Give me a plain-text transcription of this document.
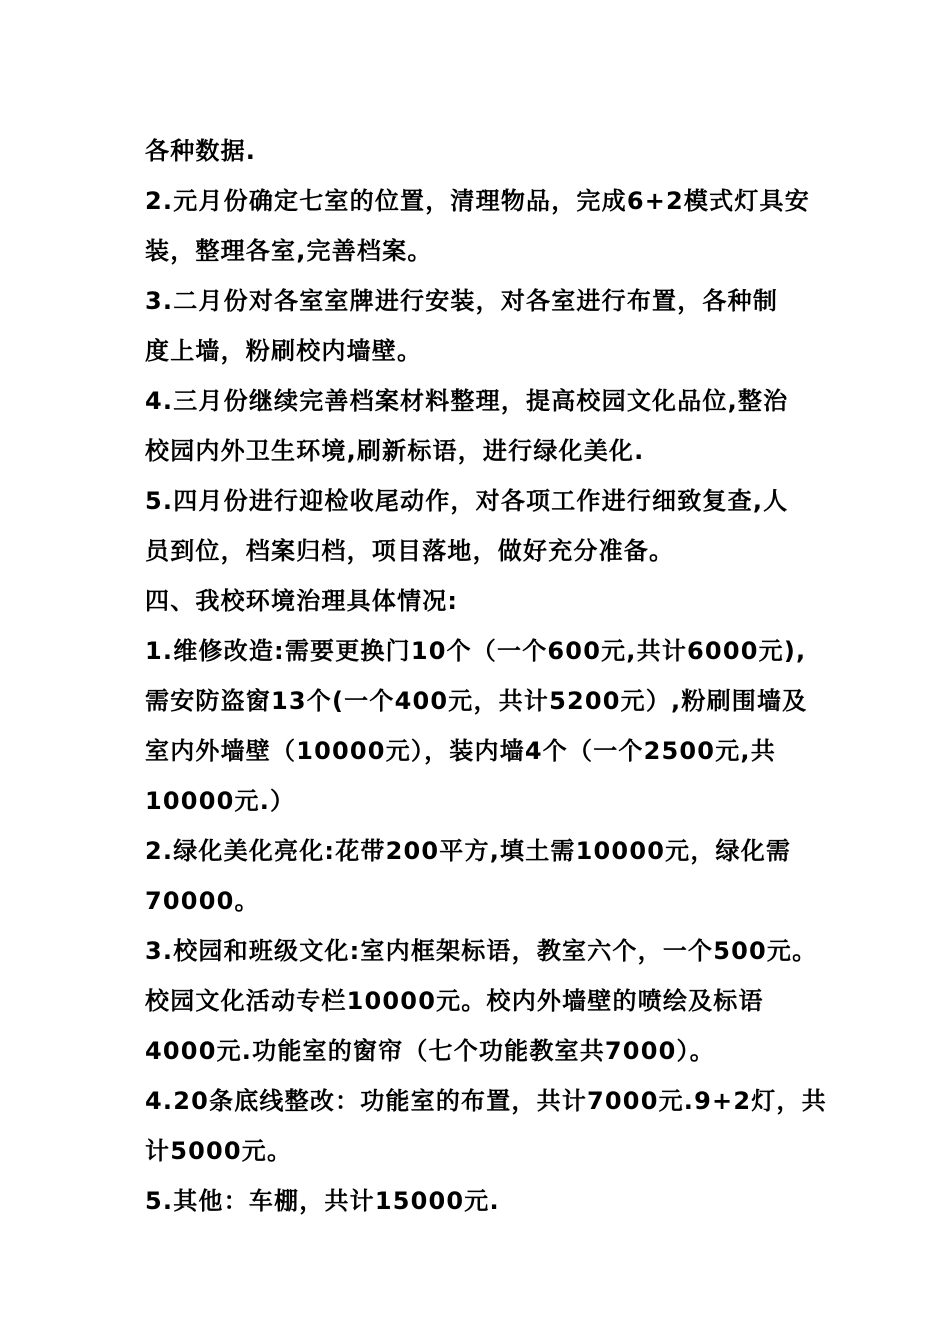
各种数据.
2.元月份确定七室的位置，清理物品，完成6+2模式灯具安
装，整理各室,完善档案。
3.二月份对各室室牌进行安装，对各室进行布置，各种制
度上墙，粉刷校内墙壁。
4.三月份继续完善档案材料整理，提高校园文化品位,整治
校园内外卫生环境,刷新标语，进行绿化美化.
5.四月份进行迎检收尾动作，对各项工作进行细致复查,人
员到位，档案归档，项目落地，做好充分准备。
四、我校环境治理具体情况:
1.维修改造:需要更换门10个（一个600元,共计6000元),
需安防盗窗13个(一个400元，共计5200元）,粉刷围墙及
室内外墙壁（10000元），装内墙4个（一个2500元,共
10000元.）
2.绿化美化亮化:花带200平方,填土需10000元，绿化需
70000。
3.校园和班级文化:室内框架标语，教室六个，一个500元。
校园文化活动专栏10000元。校内外墙壁的喷绘及标语
4000元.功能室的窗帘（七个功能教室共7000）。
4.20条底线整改：功能室的布置，共计7000元.9+2灯，共
计5000元。
5.其他：车棚，共计15000元.
